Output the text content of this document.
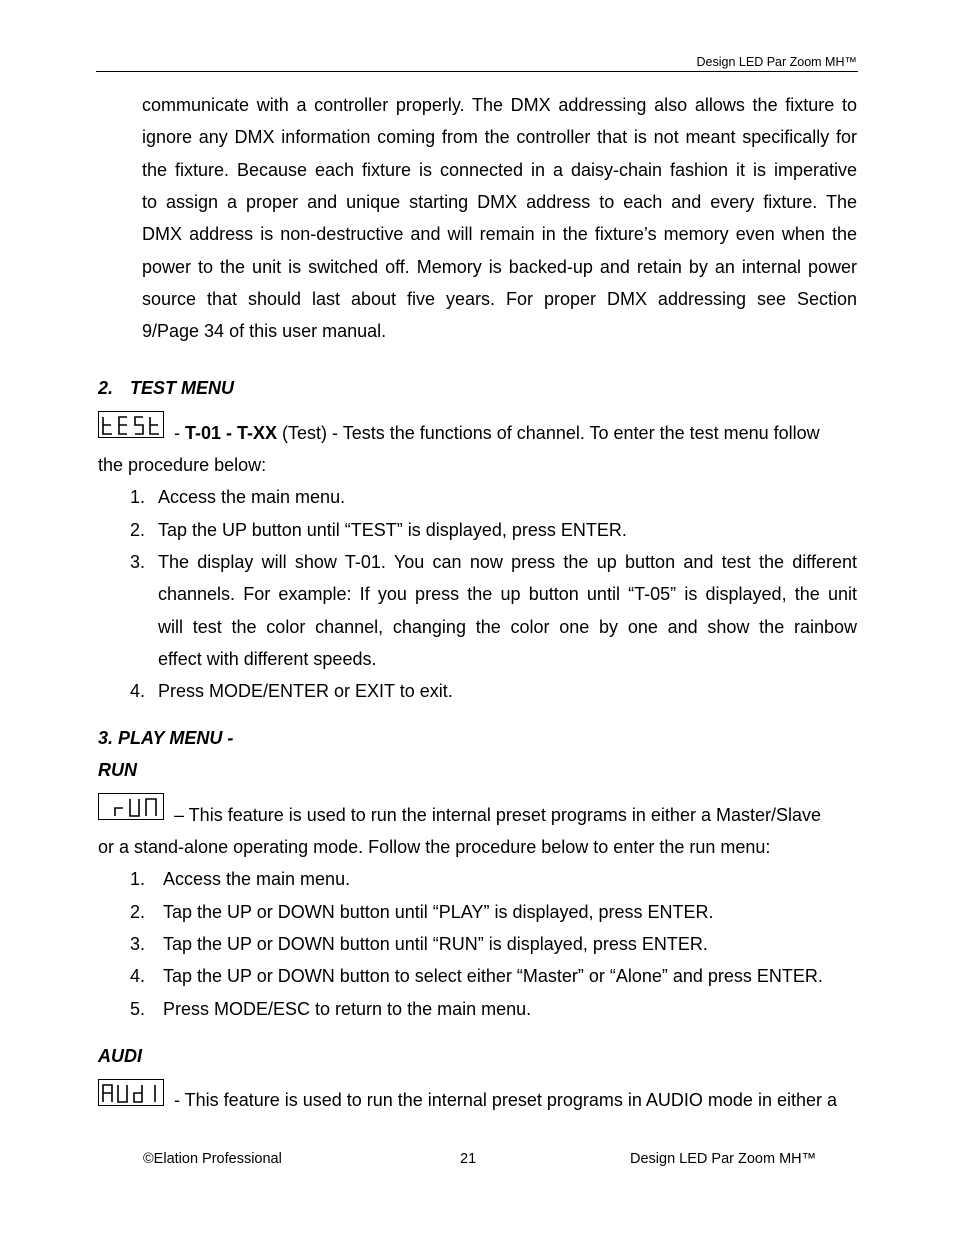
Design LED Par Zoom MH™
communicate with a controller properly. The DMX addressing also allows the fixture to
ignore any DMX information coming from the controller that is not meant specifically for
the fixture. Because each fixture is connected in a daisy-chain fashion it is imperative
to assign a proper and unique starting DMX address to each and every fixture. The
DMX address is non-destructive and will remain in the fixture’s memory even when the
power to the unit is switched off. Memory is backed-up and retain by an internal power
source that should last about five years. For proper DMX addressing see Section
9/Page 34 of this user manual.
2. TEST MENU
- T-01 - T-XX (Test) - Tests the functions of channel. To enter the test menu follow
the procedure below:
1. Access the main menu.
2. Tap the UP button until “TEST” is displayed, press ENTER.
3. The display will show T-01. You can now press the up button and test the different
channels. For example: If you press the up button until “T-05” is displayed, the unit
will test the color channel, changing the color one by one and show the rainbow
effect with different speeds.
4. Press MODE/ENTER or EXIT to exit.
3. PLAY MENU -
RUN
– This feature is used to run the internal preset programs in either a Master/Slave
or a stand-alone operating mode. Follow the procedure below to enter the run menu:
1. Access the main menu.
2. Tap the UP or DOWN button until “PLAY” is displayed, press ENTER.
3. Tap the UP or DOWN button until “RUN” is displayed, press ENTER.
4. Tap the UP or DOWN button to select either “Master” or “Alone” and press ENTER.
5. Press MODE/ESC to return to the main menu.
AUDI
- This feature is used to run the internal preset programs in AUDIO mode in either a
©Elation Professional	21	Design LED Par Zoom MH™
